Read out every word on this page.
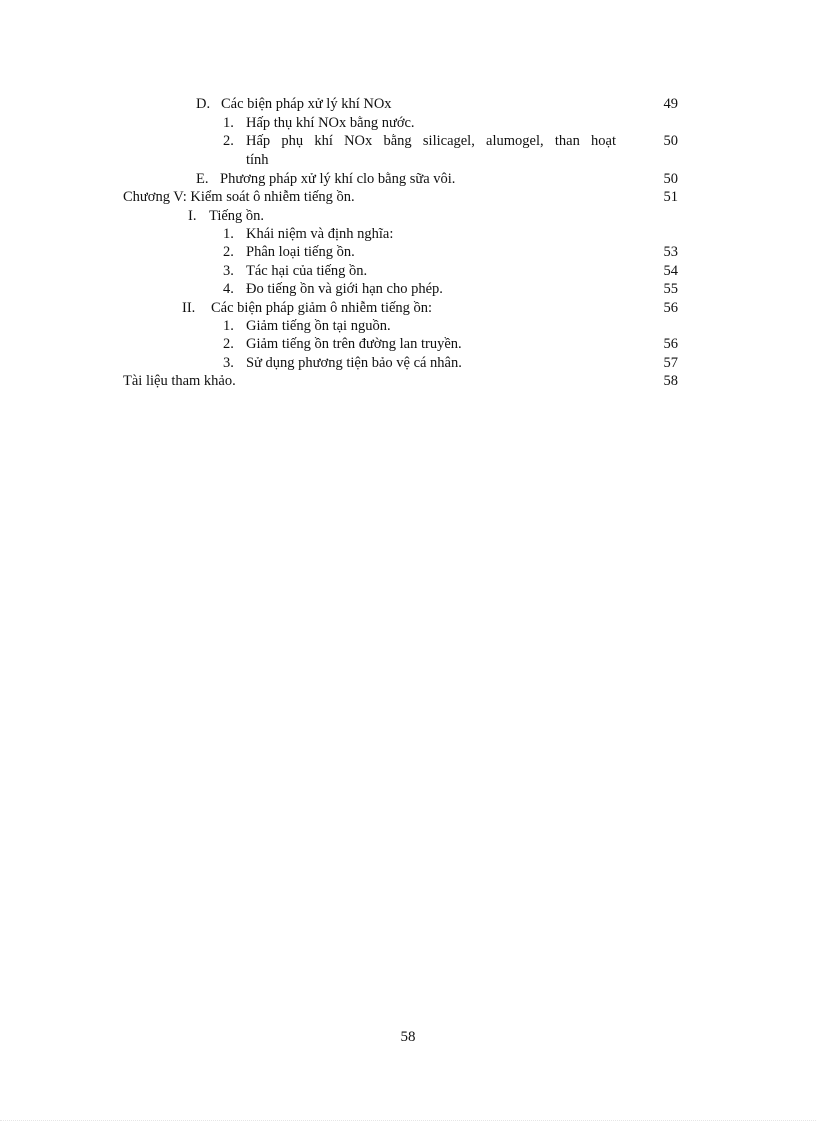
D. Các biện pháp xử lý khí NOx	49
1. Hấp thụ khí NOx bằng nước.
2. Hấp phụ khí NOx bằng silicagel, alumogel, than hoạt	50
tính
E. Phương pháp xử lý khí clo bằng sữa vôi.	50
Chương V: Kiểm soát ô nhiễm tiếng ồn.	51
I. Tiếng ồn.
1. Khái niệm và định nghĩa:
2. Phân loại tiếng ồn.	53
3. Tác hại của tiếng ồn.	54
4. Đo tiếng ồn và giới hạn cho phép.	55
II. Các biện pháp giảm ô nhiễm tiếng ồn:	56
1. Giảm tiếng ồn tại nguồn.
2. Giảm tiếng ồn trên đường lan truyền.	56
3. Sử dụng phương tiện bảo vệ cá nhân.	57
Tài liệu tham khảo.	58
58
